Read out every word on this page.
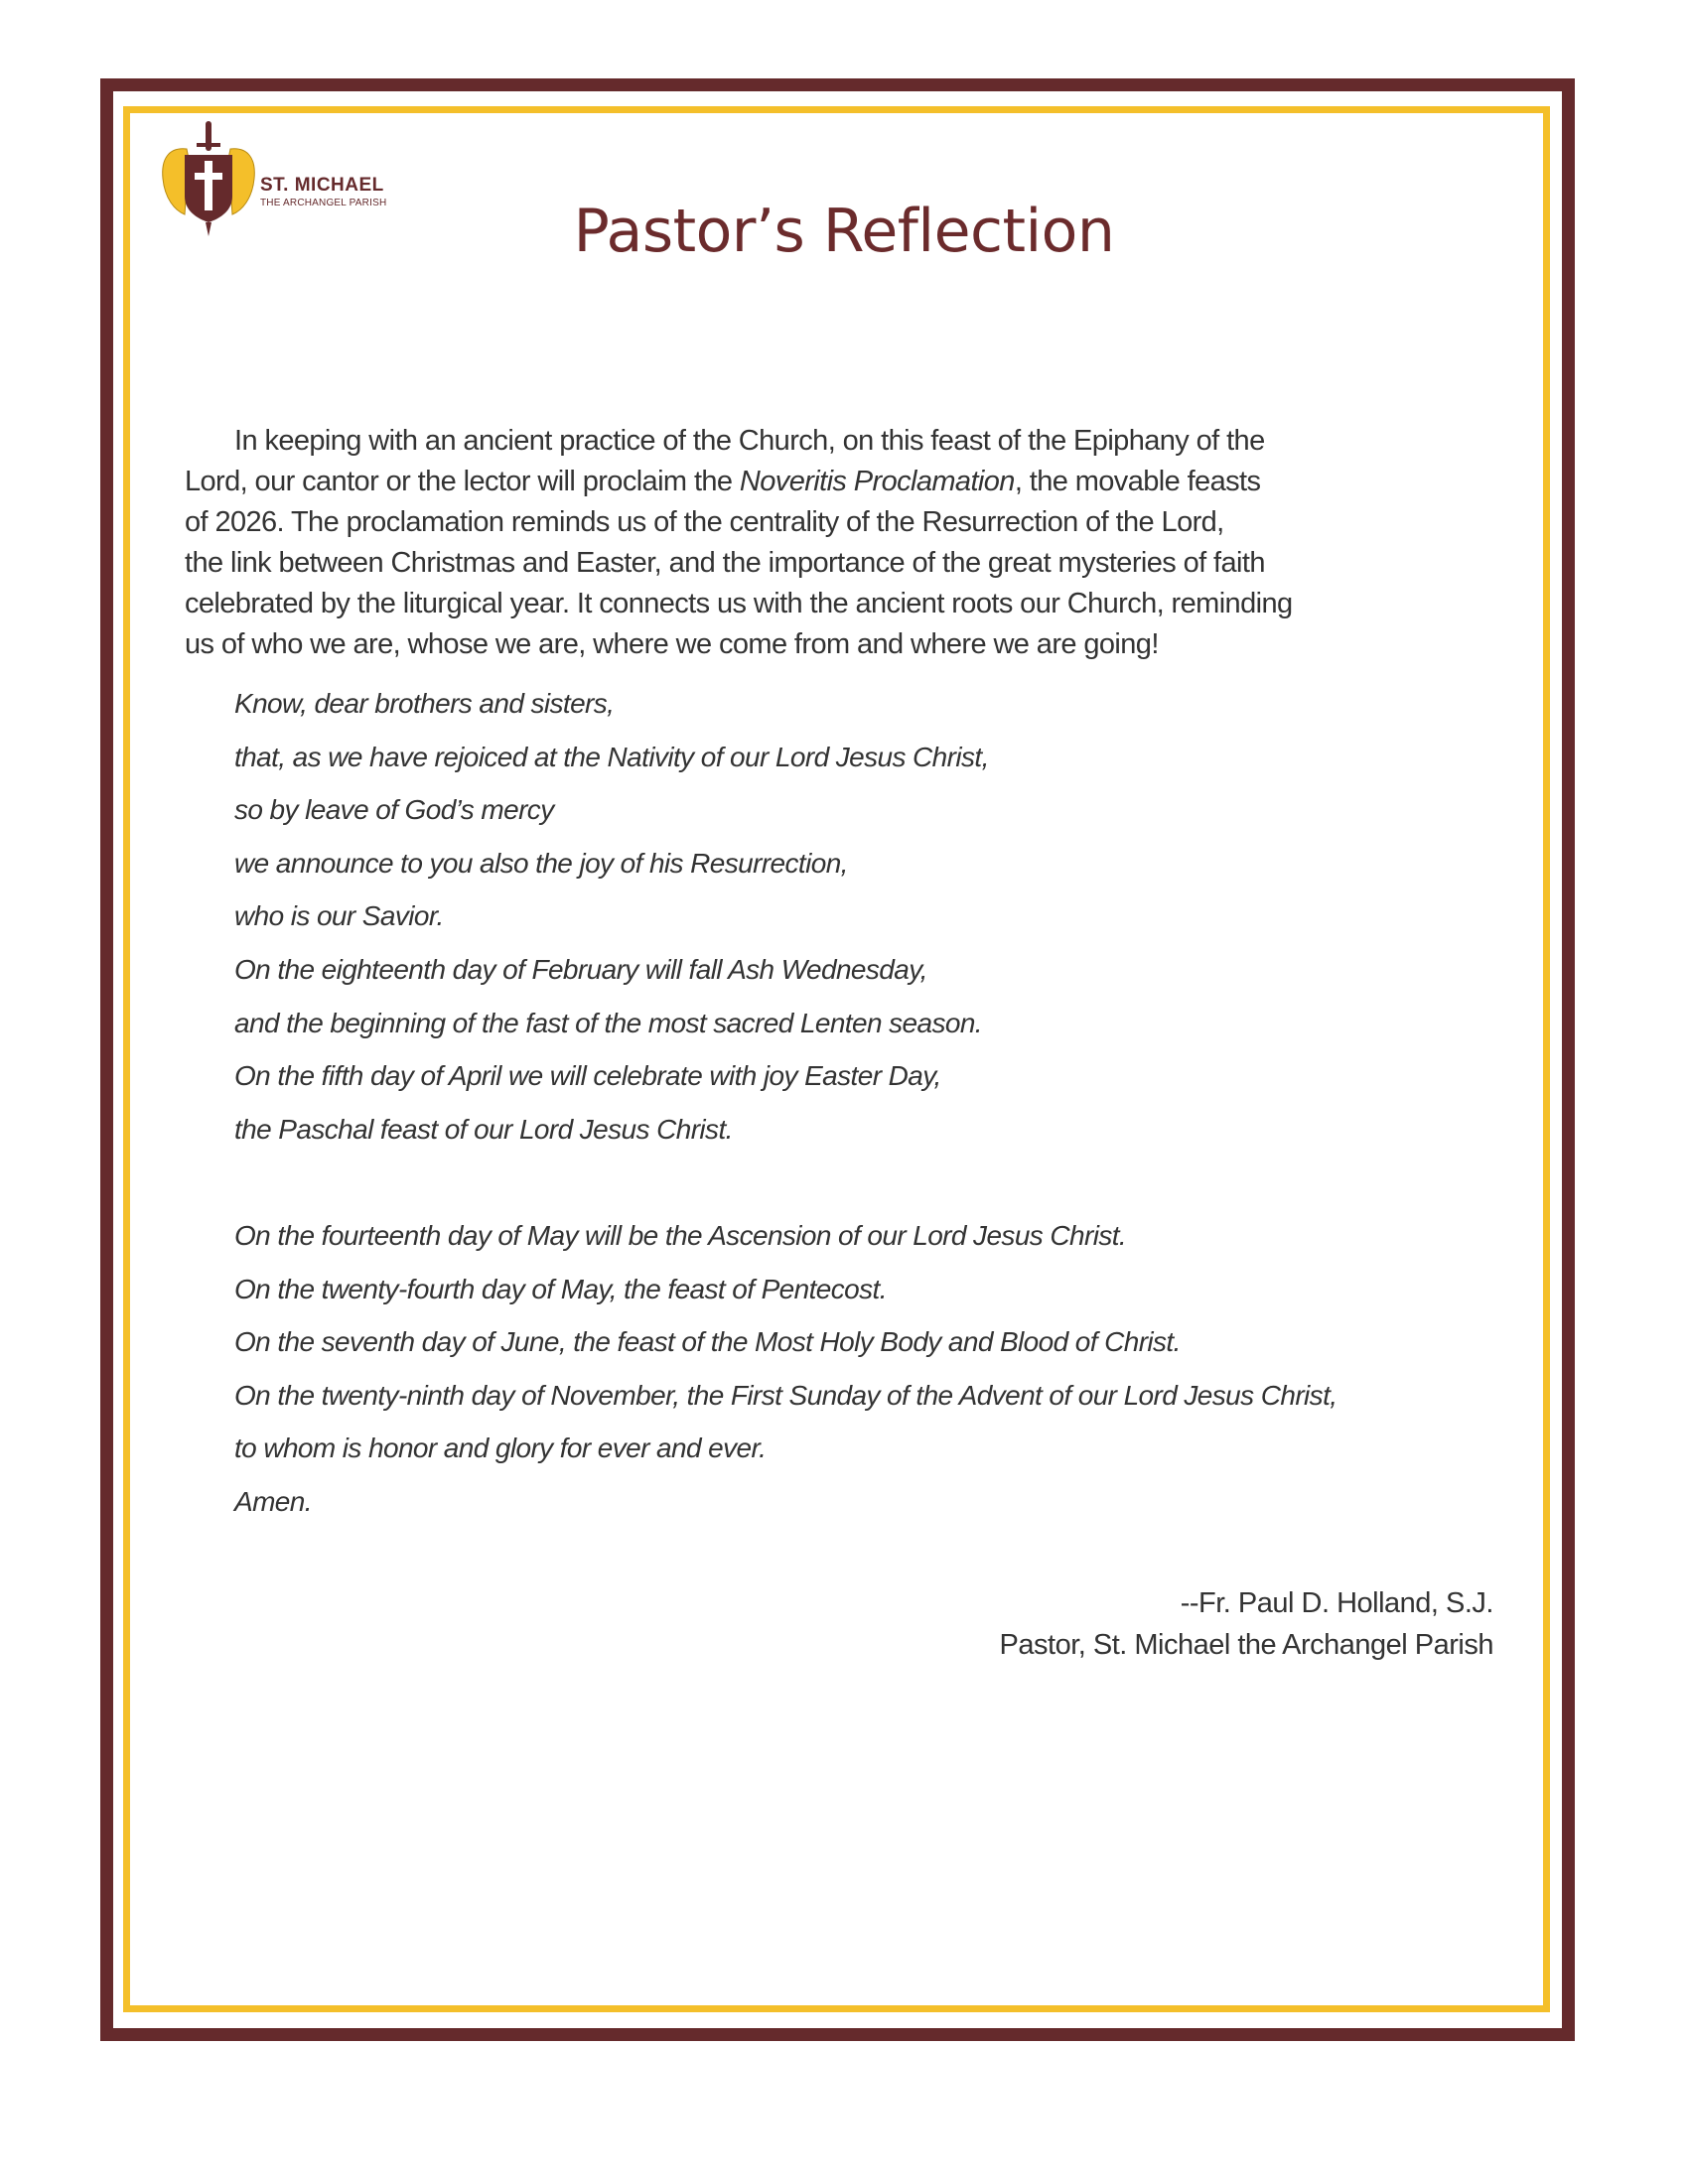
ST. MICHAEL
THE ARCHANGEL PARISH	Pastor’s Reflection
In keeping with an ancient practice of the Church, on this feast of the Epiphany of the
Lord, our cantor or the lector will proclaim the Noveritis Proclamation, the movable feasts
of 2026. The proclamation reminds us of the centrality of the Resurrection of the Lord,
the link between Christmas and Easter, and the importance of the great mysteries of faith
celebrated by the liturgical year. It connects us with the ancient roots our Church, reminding
us of who we are, whose we are, where we come from and where we are going!
Know, dear brothers and sisters,
that, as we have rejoiced at the Nativity of our Lord Jesus Christ,
so by leave of God’s mercy
we announce to you also the joy of his Resurrection,
who is our Savior.
On the eighteenth day of February will fall Ash Wednesday,
and the beginning of the fast of the most sacred Lenten season.
On the fifth day of April we will celebrate with joy Easter Day,
the Paschal feast of our Lord Jesus Christ.
On the fourteenth day of May will be the Ascension of our Lord Jesus Christ.
On the twenty-fourth day of May, the feast of Pentecost.
On the seventh day of June, the feast of the Most Holy Body and Blood of Christ.
On the twenty-ninth day of November, the First Sunday of the Advent of our Lord Jesus Christ,
to whom is honor and glory for ever and ever.
Amen.
--Fr. Paul D. Holland, S.J.
Pastor, St. Michael the Archangel Parish
